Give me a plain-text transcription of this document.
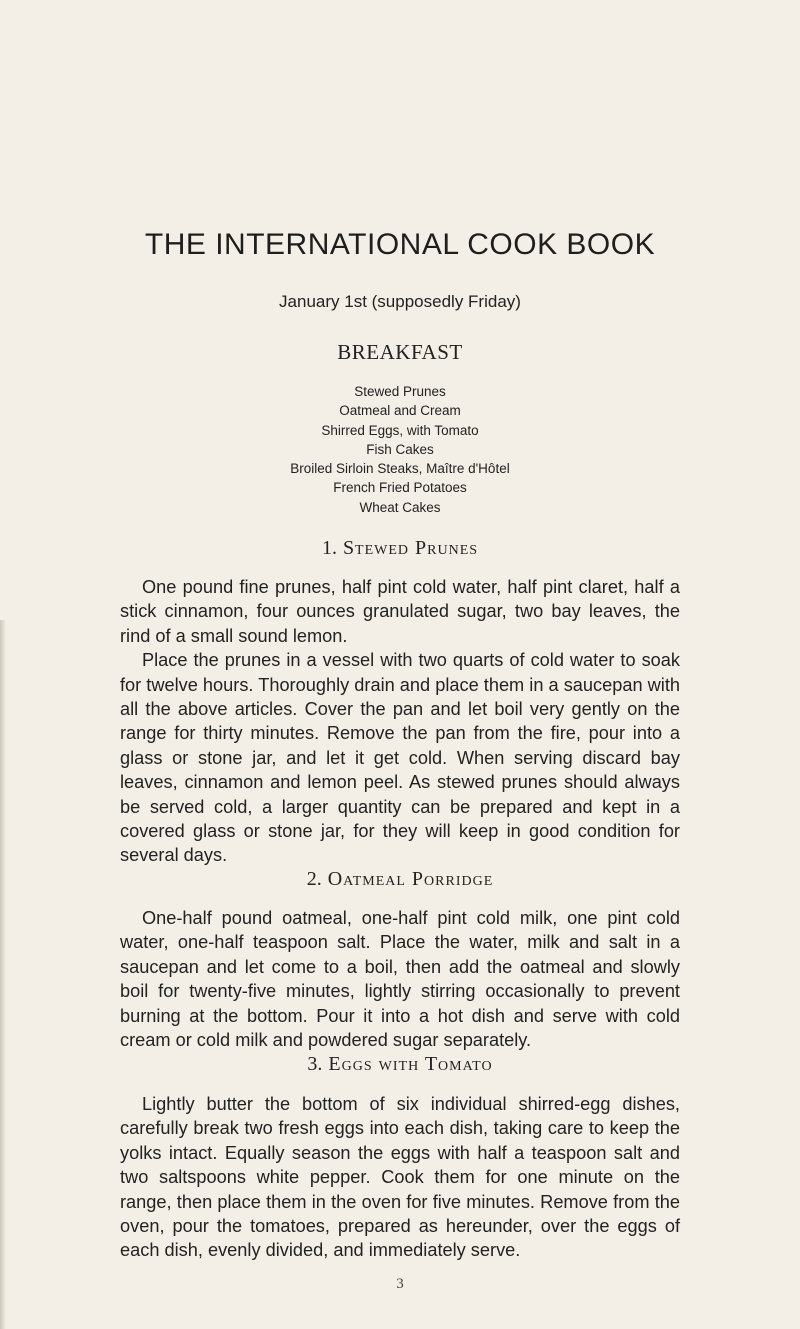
THE INTERNATIONAL COOK BOOK
January 1st (supposedly Friday)
BREAKFAST
Stewed Prunes
Oatmeal and Cream
Shirred Eggs, with Tomato
Fish Cakes
Broiled Sirloin Steaks, Maître d'Hôtel
French Fried Potatoes
Wheat Cakes
1. Stewed Prunes

One pound fine prunes, half pint cold water, half pint claret, half a stick cinnamon, four ounces granulated sugar, two bay leaves, the rind of a small sound lemon.

Place the prunes in a vessel with two quarts of cold water to soak for twelve hours. Thoroughly drain and place them in a saucepan with all the above articles. Cover the pan and let boil very gently on the range for thirty minutes. Remove the pan from the fire, pour into a glass or stone jar, and let it get cold. When serving discard bay leaves, cinnamon and lemon peel. As stewed prunes should always be served cold, a larger quantity can be prepared and kept in a covered glass or stone jar, for they will keep in good condition for several days.

2. Oatmeal Porridge

One-half pound oatmeal, one-half pint cold milk, one pint cold water, one-half teaspoon salt. Place the water, milk and salt in a saucepan and let come to a boil, then add the oatmeal and slowly boil for twenty-five minutes, lightly stirring occasionally to prevent burning at the bottom. Pour it into a hot dish and serve with cold cream or cold milk and powdered sugar separately.

3. Eggs with Tomato

Lightly butter the bottom of six individual shirred-egg dishes, carefully break two fresh eggs into each dish, taking care to keep the yolks intact. Equally season the eggs with half a teaspoon salt and two saltspoons white pepper. Cook them for one minute on the range, then place them in the oven for five minutes. Remove from the oven, pour the tomatoes, prepared as hereunder, over the eggs of each dish, evenly divided, and immediately serve.

3
